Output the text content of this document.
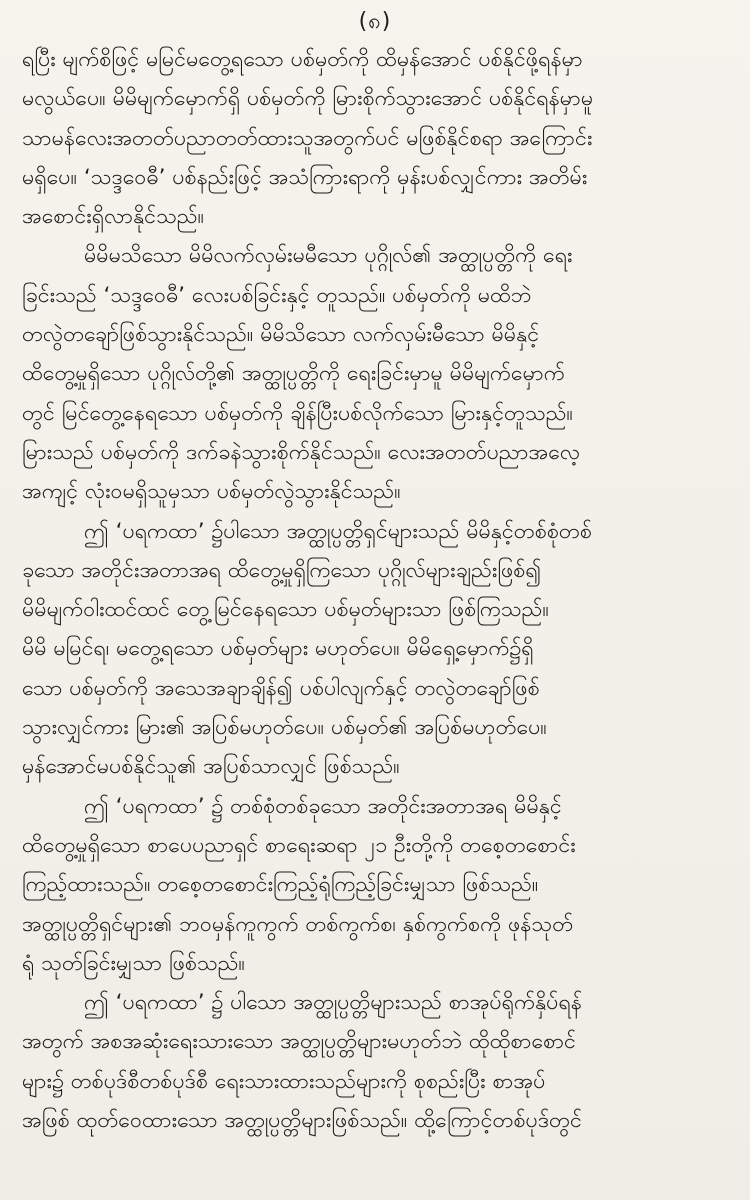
(၈)
ရပြီး မျက်စိဖြင့် မမြင်မတွေ့ရသော ပစ်မှတ်ကို ထိမှန်အောင် ပစ်နိုင်ဖို့ရန်မှာ
မလွယ်ပေ။ မိမိမျက်မှောက်ရှိ ပစ်မှတ်ကို မြားစိုက်သွားအောင် ပစ်နိုင်ရန်မှာမူ
သာမန်လေးအတတ်ပညာတတ်ထားသူအတွက်ပင် မဖြစ်နိုင်စရာ အကြောင်း
မရှိပေ။ ‘သဒ္ဒဝေဓီ’ ပစ်နည်းဖြင့် အသံကြားရာကို မှန်းပစ်လျှင်ကား အတိမ်း
အစောင်းရှိလာနိုင်သည်။
မိမိမသိသော မိမိလက်လှမ်းမမီသော ပုဂ္ဂိုလ်၏ အတ္ထုပ္ပတ္တိကို ရေး
ခြင်းသည် ‘သဒ္ဒဝေဓီ’ လေးပစ်ခြင်းနှင့် တူသည်။ ပစ်မှတ်ကို မထိဘဲ
တလွဲတချော်ဖြစ်သွားနိုင်သည်။ မိမိသိသော လက်လှမ်းမီသော မိမိနှင့်
ထိတွေ့မှုရှိသော ပုဂ္ဂိုလ်တို့၏ အတ္ထုပ္ပတ္တိကို ရေးခြင်းမှာမူ မိမိမျက်မှောက်
တွင် မြင်တွေ့နေရသော ပစ်မှတ်ကို ချိန်ပြီးပစ်လိုက်သော မြားနှင့်တူသည်။
မြားသည် ပစ်မှတ်ကို ဒက်ခနဲသွားစိုက်နိုင်သည်။ လေးအတတ်ပညာအလေ့
အကျင့် လုံးဝမရှိသူမှသာ ပစ်မှတ်လွဲသွားနိုင်သည်။
ဤ ‘ပရကထာ’ ၌ပါသော အတ္ထုပ္ပတ္တိရှင်များသည် မိမိနှင့်တစ်စုံတစ်
ခုသော အတိုင်းအတာအရ ထိတွေ့မှုရှိကြသော ပုဂ္ဂိုလ်များချည်းဖြစ်၍
မိမိမျက်ဝါးထင်ထင် တွေ့မြင်နေရသော ပစ်မှတ်များသာ ဖြစ်ကြသည်။
မိမိ မမြင်ရ၊ မတွေ့ရသော ပစ်မှတ်များ မဟုတ်ပေ။ မိမိရှေ့မှောက်၌ရှိ
သော ပစ်မှတ်ကို အသေအချာချိန်၍ ပစ်ပါလျက်နှင့် တလွဲတချော်ဖြစ်
သွားလျှင်ကား မြား၏ အပြစ်မဟုတ်ပေ။ ပစ်မှတ်၏ အပြစ်မဟုတ်ပေ။
မှန်အောင်မပစ်နိုင်သူ၏ အပြစ်သာလျှင် ဖြစ်သည်။
ဤ ‘ပရကထာ’ ၌ တစ်စုံတစ်ခုသော အတိုင်းအတာအရ မိမိနှင့်
ထိတွေ့မှုရှိသော စာပေပညာရှင် စာရေးဆရာ ၂၁ ဦးတို့ကို တစေ့တစောင်း
ကြည့်ထားသည်။ တစေ့တစောင်းကြည့်ရုံကြည့်ခြင်းမျှသာ ဖြစ်သည်။
အတ္ထုပ္ပတ္တိရှင်များ၏ ဘဝမှန်ကူကွက် တစ်ကွက်စ၊ နှစ်ကွက်စကို ဖုန်သုတ်
ရုံ သုတ်ခြင်းမျှသာ ဖြစ်သည်။
ဤ ‘ပရကထာ’ ၌ ပါသော အတ္ထုပ္ပတ္တိများသည် စာအုပ်ရိုက်နှိပ်ရန်
အတွက် အစအဆုံးရေးသားသော အတ္ထုပ္ပတ္တိများမဟုတ်ဘဲ ထိုထိုစာစောင်
များ၌ တစ်ပုဒ်စီတစ်ပုဒ်စီ ရေးသားထားသည်များကို စုစည်းပြီး စာအုပ်
အဖြစ် ထုတ်ဝေထားသော အတ္ထုပ္ပတ္တိများဖြစ်သည်။ ထို့ကြောင့်တစ်ပုဒ်တွင်
